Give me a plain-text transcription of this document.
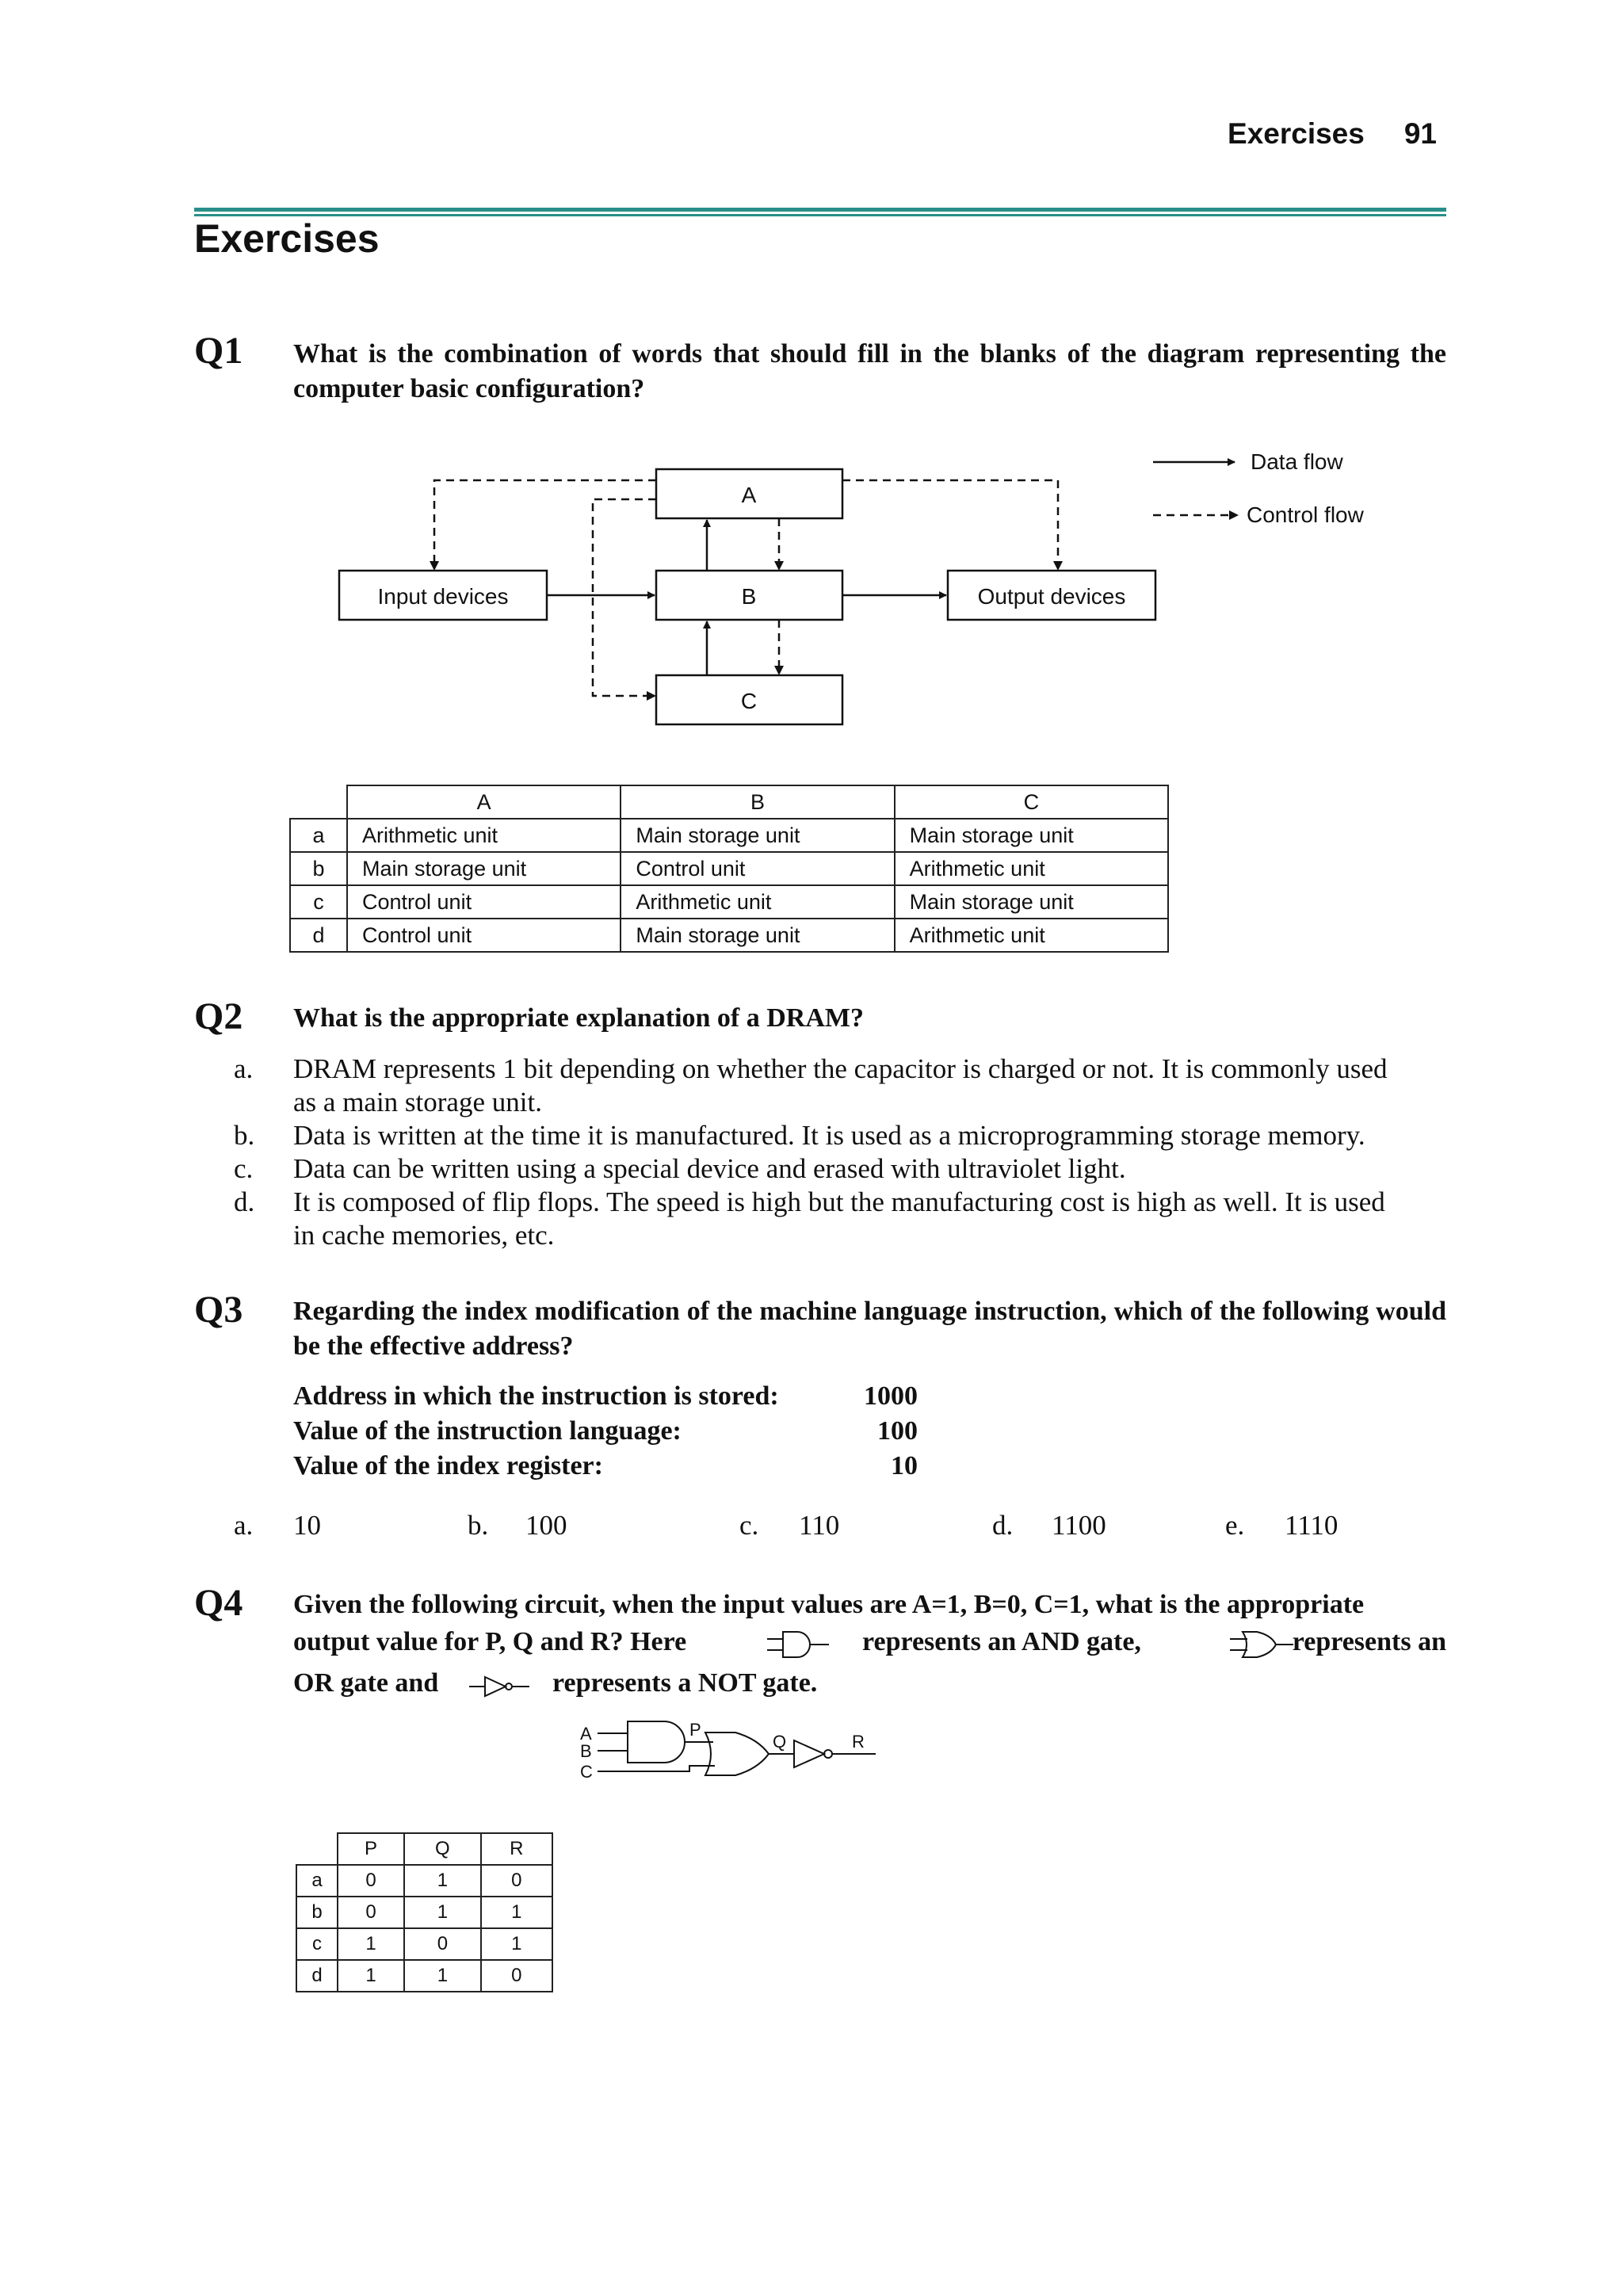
Exercises 91
Exercises
Q1 What is the combination of words that should fill in the blanks of the diagram representing the computer basic configuration?
A
B
C
Input devices	Output devices
Data flow
Control flow
	A	B	C
a	Arithmetic unit	Main storage unit	Main storage unit
b	Main storage unit	Control unit	Arithmetic unit
c	Control unit	Arithmetic unit	Main storage unit
d	Control unit	Main storage unit	Arithmetic unit
Q2 What is the appropriate explanation of a DRAM?
a. DRAM represents 1 bit depending on whether the capacitor is charged or not. It is commonly used
as a main storage unit.
b. Data is written at the time it is manufactured. It is used as a microprogramming storage memory.
c. Data can be written using a special device and erased with ultraviolet light.
d. It is composed of flip flops. The speed is high but the manufacturing cost is high as well. It is used
in cache memories, etc.
Q3 Regarding the index modification of the machine language instruction, which of the following would be the effective address?
Address in which the instruction is stored:	1000
Value of the instruction language:	100
Value of the index register:	10
a. 10	b. 100	c. 110	d. 1100	e. 1110
Q4 Given the following circuit, when the input values are A=1, B=0, C=1, what is the appropriate
output value for P, Q and R? Here	represents an AND gate,	represents an
OR gate and	represents a NOT gate.
A
B
C
P
Q	R
	P	Q	R
a	0	1	0
b	0	1	1
c	1	0	1
d	1	1	0
